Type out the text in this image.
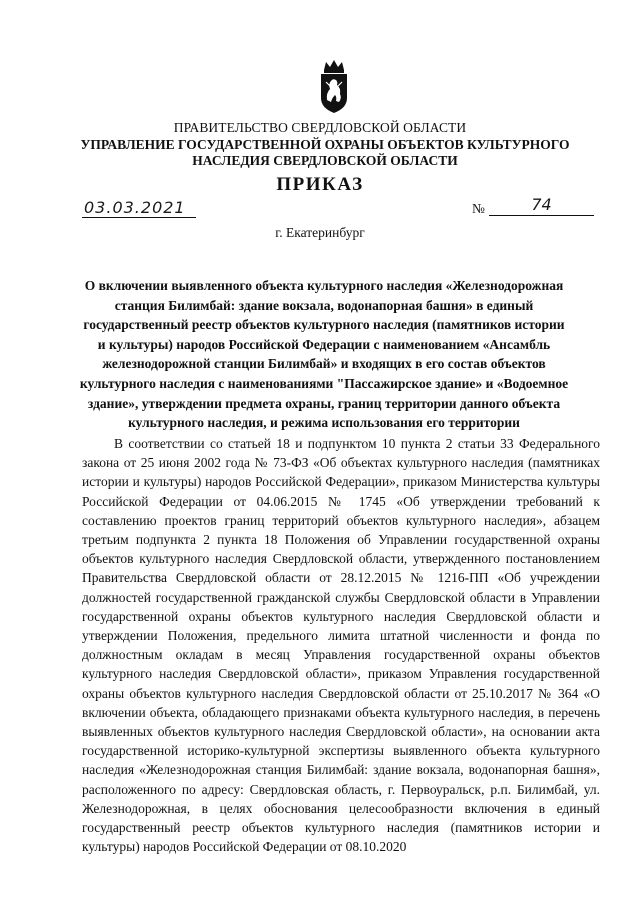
ПРАВИТЕЛЬСТВО СВЕРДЛОВСКОЙ ОБЛАСТИ
УПРАВЛЕНИЕ ГОСУДАРСТВЕННОЙ ОХРАНЫ ОБЪЕКТОВ КУЛЬТУРНОГО НАСЛЕДИЯ СВЕРДЛОВСКОЙ ОБЛАСТИ
ПРИКАЗ
03.03.2021	№	74
г. Екатеринбург
О включении выявленного объекта культурного наследия «Железнодорожная станция Билимбай: здание вокзала, водонапорная башня» в единый государственный реестр объектов культурного наследия (памятников истории и культуры) народов Российской Федерации с наименованием «Ансамбль железнодорожной станции Билимбай» и входящих в его состав объектов культурного наследия с наименованиями "Пассажирское здание» и «Водоемное здание», утверждении предмета охраны, границ территории данного объекта культурного наследия, и режима использования его территории
В соответствии со статьей 18 и подпунктом 10 пункта 2 статьи 33 Федерального закона от 25 июня 2002 года № 73-ФЗ «Об объектах культурного наследия (памятниках истории и культуры) народов Российской Федерации», приказом Министерства культуры Российской Федерации от 04.06.2015 № 1745 «Об утверждении требований к составлению проектов границ территорий объектов культурного наследия», абзацем третьим подпункта 2 пункта 18 Положения об Управлении государственной охраны объектов культурного наследия Свердловской области, утвержденного постановлением Правительства Свердловской области от 28.12.2015 № 1216-ПП «Об учреждении должностей государственной гражданской службы Свердловской области в Управлении государственной охраны объектов культурного наследия Свердловской области и утверждении Положения, предельного лимита штатной численности и фонда по должностным окладам в месяц Управления государственной охраны объектов культурного наследия Свердловской области», приказом Управления государственной охраны объектов культурного наследия Свердловской области от 25.10.2017 № 364 «О включении объекта, обладающего признаками объекта культурного наследия, в перечень выявленных объектов культурного наследия Свердловской области», на основании акта государственной историко-культурной экспертизы выявленного объекта культурного наследия «Железнодорожная станция Билимбай: здание вокзала, водонапорная башня», расположенного по адресу: Свердловская область, г. Первоуральск, р.п. Билимбай, ул. Железнодорожная, в целях обоснования целесообразности включения в единый государственный реестр объектов культурного наследия (памятников истории и культуры) народов Российской Федерации от 08.10.2020
